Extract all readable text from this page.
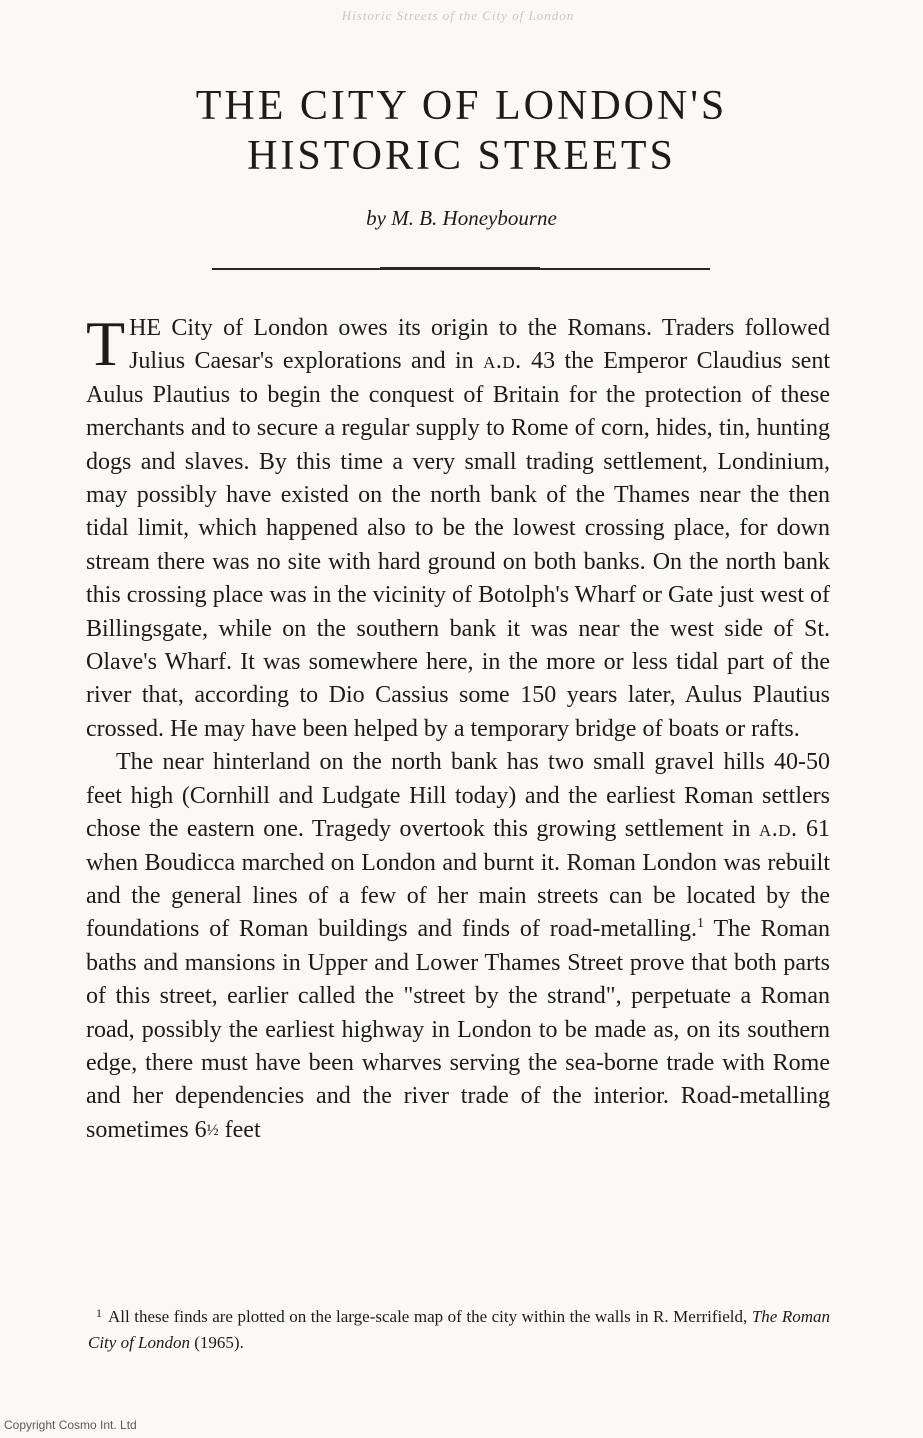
Historic Streets of the City of London
THE CITY OF LONDON'S
HISTORIC STREETS
by M. B. Honeybourne

THE City of London owes its origin to the Romans. Traders followed Julius Caesar's explorations and in a.d. 43 the Emperor Claudius sent Aulus Plautius to begin the conquest of Britain for the protection of these merchants and to secure a regular supply to Rome of corn, hides, tin, hunting dogs and slaves. By this time a very small trading settlement, Londinium, may possibly have existed on the north bank of the Thames near the then tidal limit, which happened also to be the lowest crossing place, for down stream there was no site with hard ground on both banks. On the north bank this crossing place was in the vicinity of Botolph's Wharf or Gate just west of Billingsgate, while on the southern bank it was near the west side of St. Olave's Wharf. It was somewhere here, in the more or less tidal part of the river that, according to Dio Cassius some 150 years later, Aulus Plautius crossed. He may have been helped by a temporary bridge of boats or rafts.

The near hinterland on the north bank has two small gravel hills 40-50 feet high (Cornhill and Ludgate Hill today) and the earliest Roman settlers chose the eastern one. Tragedy overtook this growing settlement in a.d. 61 when Boudicca marched on London and burnt it. Roman London was rebuilt and the general lines of a few of her main streets can be located by the foundations of Roman buildings and finds of road-metalling.$^1$ The Roman baths and mansions in Upper and Lower Thames Street prove that both parts of this street, earlier called the "street by the strand", perpetuate a Roman road, possibly the earliest highway in London to be made as, on its southern edge, there must have been wharves serving the sea-borne trade with Rome and her dependencies and the river trade of the interior. Road-metalling sometimes 6½ feet

$^1$ All these finds are plotted on the large-scale map of the city within the walls in R. Merrifield, The Roman City of London (1965).
Copyright Cosmo Int. Ltd
